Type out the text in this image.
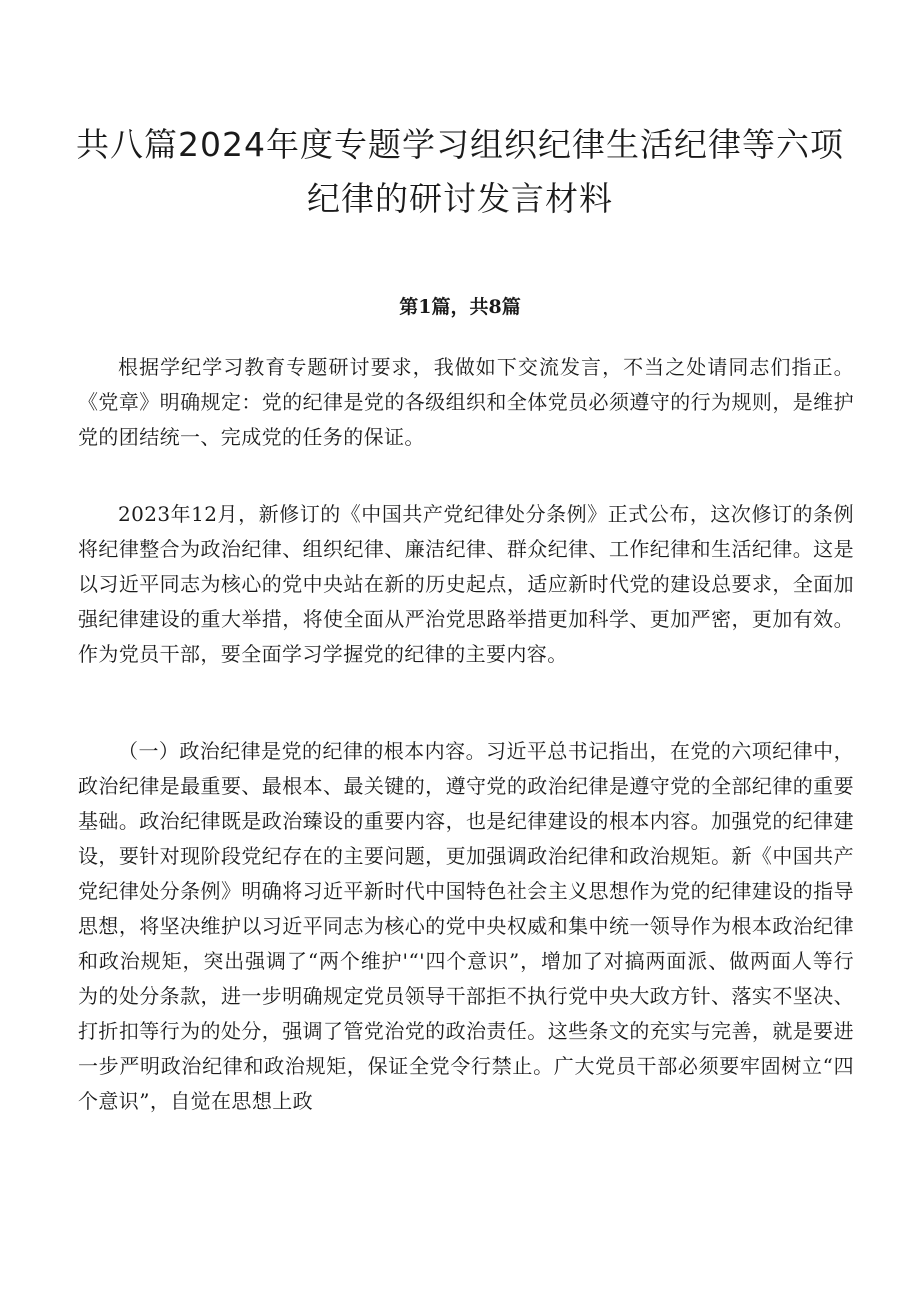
共八篇2024年度专题学习组织纪律生活纪律等六项纪律的研讨发言材料
第1篇，共8篇

根据学纪学习教育专题研讨要求，我做如下交流发言，不当之处请同志们指正。《党章》明确规定：党的纪律是党的各级组织和全体党员必须遵守的行为规则，是维护党的团结统一、完成党的任务的保证。

2023年12月，新修订的《中国共产党纪律处分条例》正式公布，这次修订的条例将纪律整合为政治纪律、组织纪律、廉洁纪律、群众纪律、工作纪律和生活纪律。这是以习近平同志为核心的党中央站在新的历史起点，适应新时代党的建设总要求，全面加强纪律建设的重大举措，将使全面从严治党思路举措更加科学、更加严密，更加有效。作为党员干部，要全面学习学握党的纪律的主要内容。

（一）政治纪律是党的纪律的根本内容。习近平总书记指出，在党的六项纪律中，政治纪律是最重要、最根本、最关键的，遵守党的政治纪律是遵守党的全部纪律的重要基础。政治纪律既是政治臻设的重要内容，也是纪律建设的根本内容。加强党的纪律建设，要针对现阶段党纪存在的主要问题，更加强调政治纪律和政治规矩。新《中国共产党纪律处分条例》明确将习近平新时代中国特色社会主义思想作为党的纪律建设的指导思想，将坚决维护以习近平同志为核心的党中央权威和集中统一领导作为根本政治纪律和政治规矩，突出强调了“两个维护'“'四个意识”，增加了对搞两面派、做两面人等行为的处分条款，进一步明确规定党员领导干部拒不执行党中央大政方针、落实不坚决、打折扣等行为的处分，强调了管党治党的政治责任。这些条文的充实与完善，就是要进一步严明政治纪律和政治规矩，保证全党令行禁止。广大党员干部必须要牢固树立“四个意识”，自觉在思想上政
